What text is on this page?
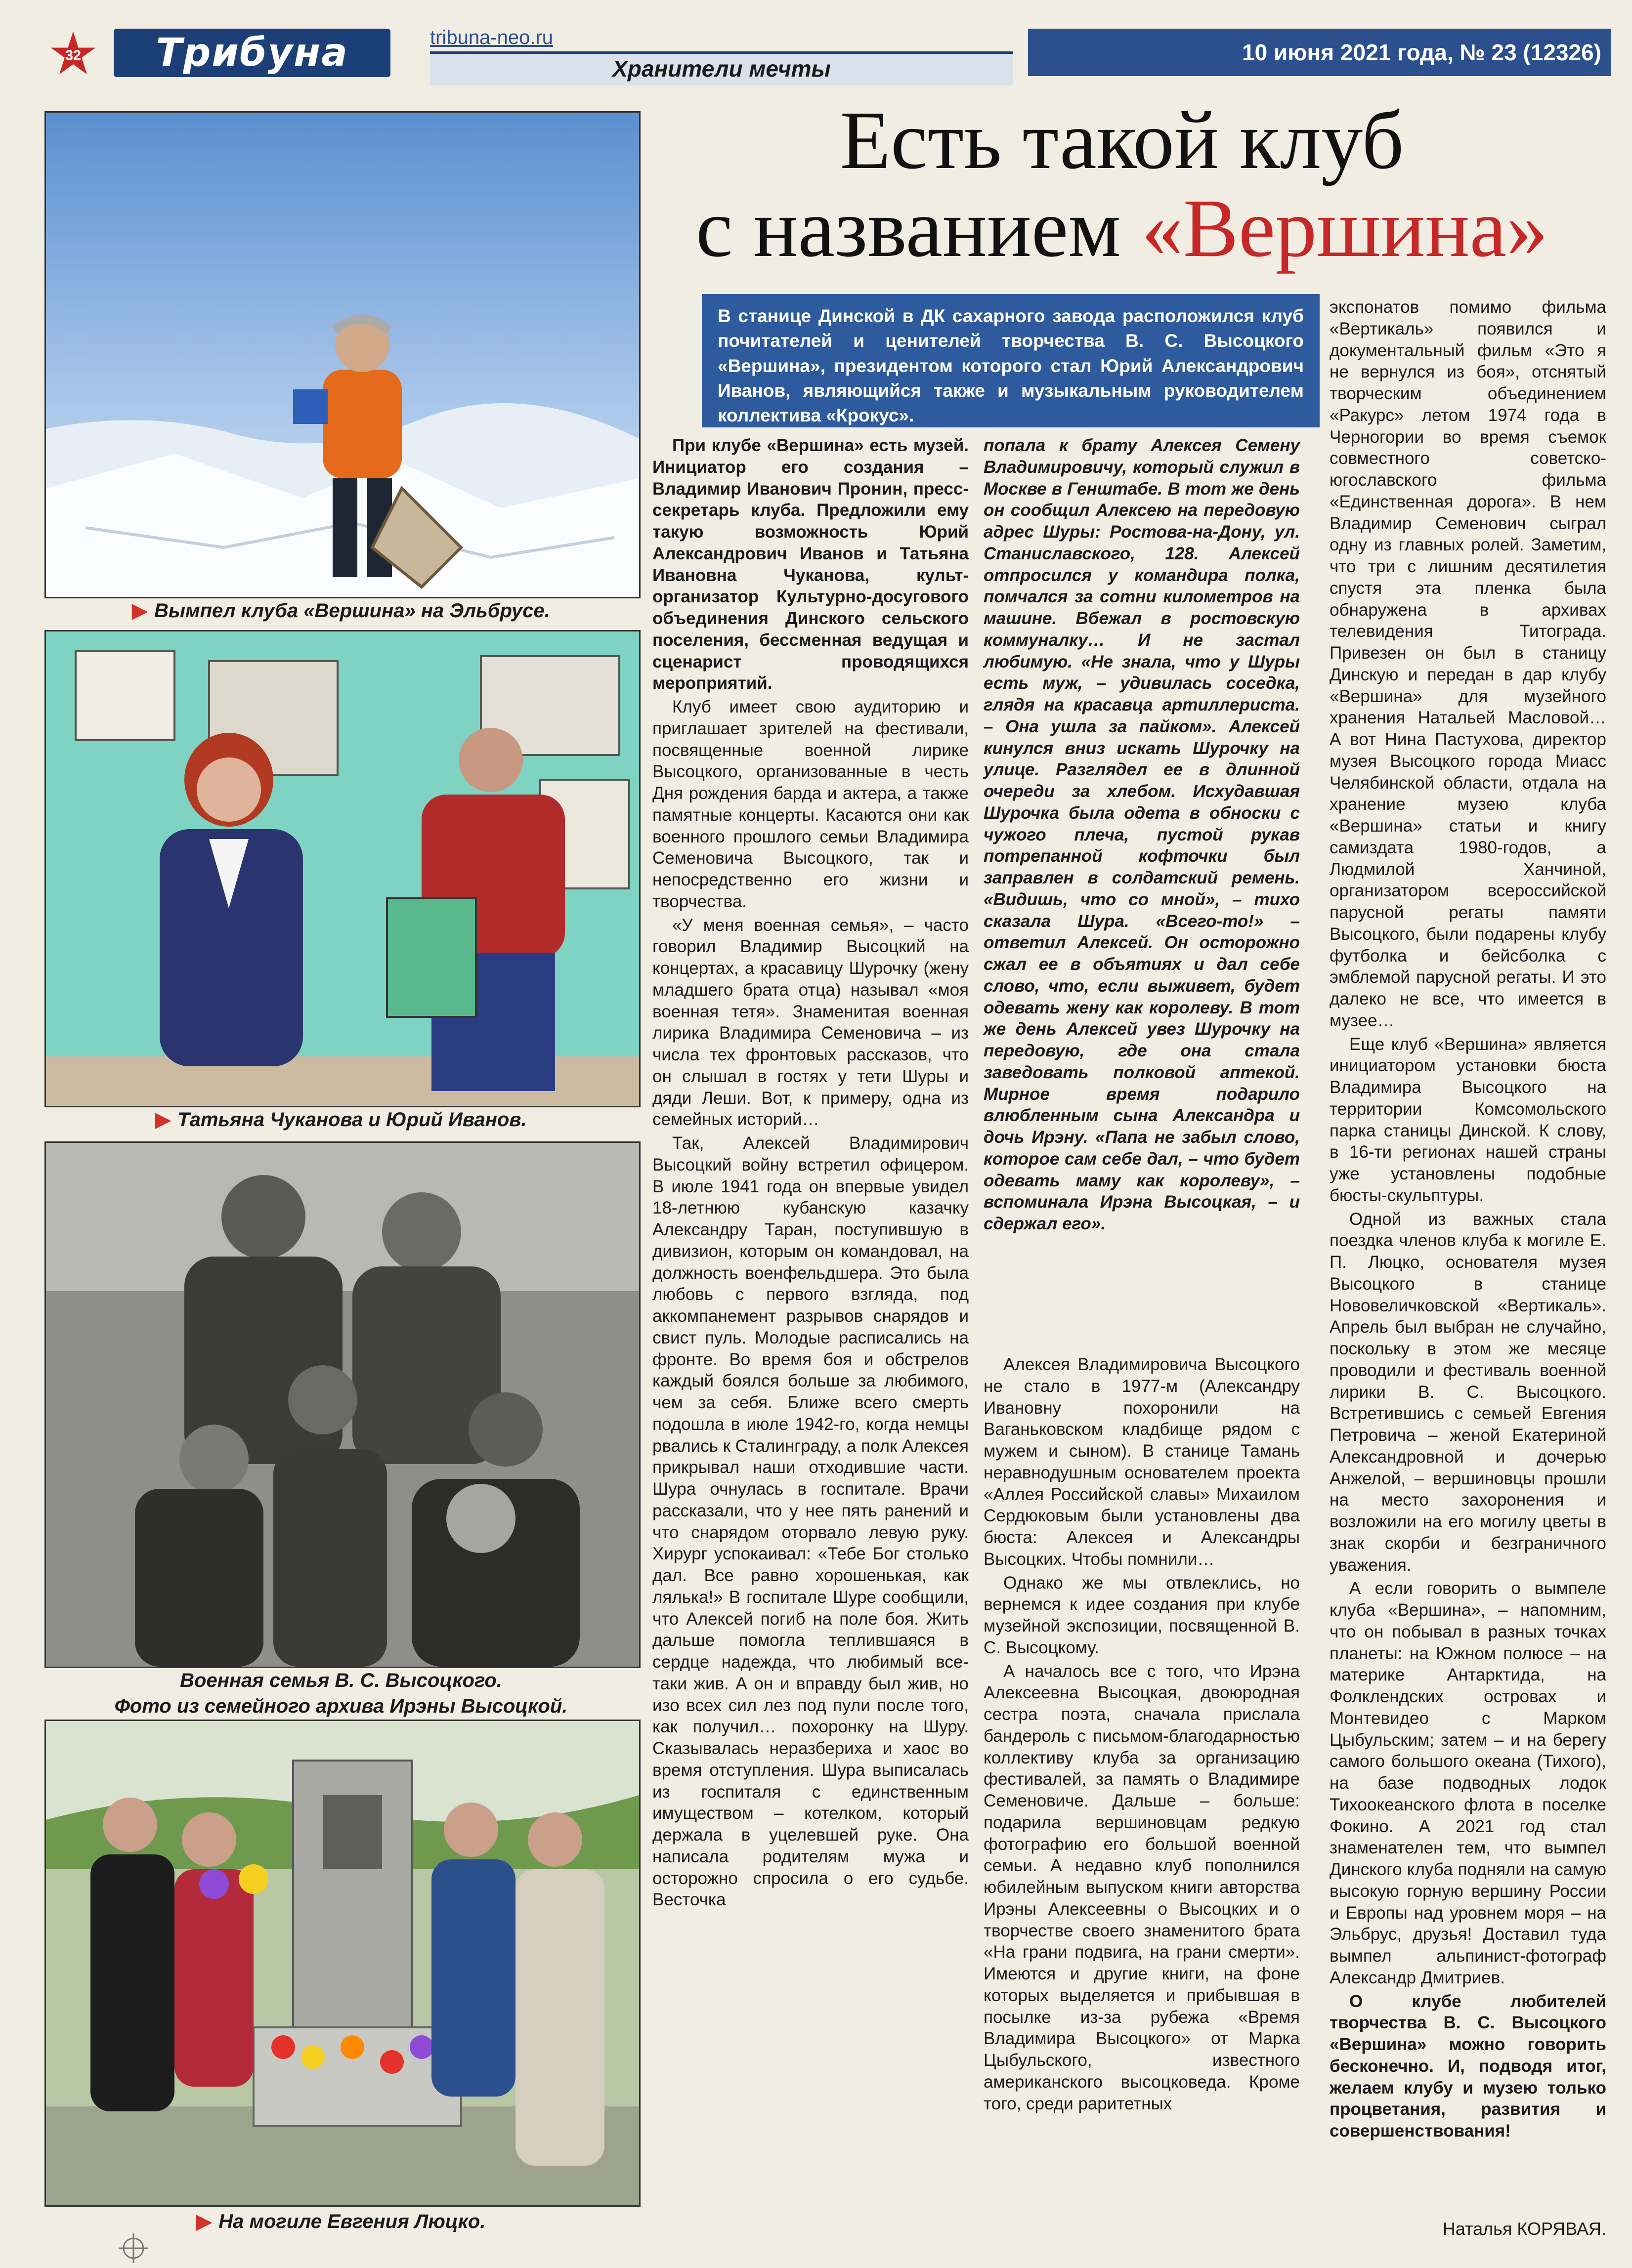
32	Трибуна	tribuna-neo.ru
Хранители мечты
10 июня 2021 года, № 23 (12326)
▶ Вымпел клуба «Вершина» на Эльбрусе.
▶ Татьяна Чуканова и Юрий Иванов.
Военная семья В. С. Высоцкого.
Фото из семейного архива Ирэны Высоцкой.
▶ На могиле Евгения Люцко.
Есть такой клуб
с названием «Вершина»
В станице Динской в ДК сахарного завода расположился клуб почитателей и ценителей творчества В. С. Высоцкого «Вершина», президентом которого стал Юрий Александрович Иванов, являющийся также и музыкальным руководителем коллектива «Крокус».

При клубе «Вершина» есть музей. Инициатор его создания – Владимир Иванович Пронин, пресс-секретарь клуба. Предложили ему такую возможность Юрий Александрович Иванов и Татьяна Ивановна Чуканова, культ-организатор Культурно-досугового объединения Динского сельского поселения, бессменная ведущая и сценарист проводящихся мероприятий.

Клуб имеет свою аудиторию и приглашает зрителей на фестивали, посвященные военной лирике Высоцкого, организованные в честь Дня рождения барда и актера, а также памятные концерты. Касаются они как военного прошлого семьи Владимира Семеновича Высоцкого, так и непосредственно его жизни и творчества.

«У меня военная семья», – часто говорил Владимир Высоцкий на концертах, а красавицу Шурочку (жену младшего брата отца) называл «моя военная тетя». Знаменитая военная лирика Владимира Семеновича – из числа тех фронтовых рассказов, что он слышал в гостях у тети Шуры и дяди Леши. Вот, к примеру, одна из семейных историй…

Так, Алексей Владимирович Высоцкий войну встретил офицером. В июле 1941 года он впервые увидел 18-летнюю кубанскую казачку Александру Таран, поступившую в дивизион, которым он командовал, на должность военфельдшера. Это была любовь с первого взгляда, под аккомпанемент разрывов снарядов и свист пуль. Молодые расписались на фронте. Во время боя и обстрелов каждый боялся больше за любимого, чем за себя. Ближе всего смерть подошла в июле 1942-го, когда немцы рвались к Сталинграду, а полк Алексея прикрывал наши отходившие части. Шура очнулась в госпитале. Врачи рассказали, что у нее пять ранений и что снарядом оторвало левую руку. Хирург успокаивал: «Тебе Бог столько дал. Все равно хорошенькая, как лялька!» В госпитале Шуре сообщили, что Алексей погиб на поле боя. Жить дальше помогла теплившаяся в сердце надежда, что любимый все-таки жив. А он и вправду был жив, но изо всех сил лез под пули после того, как получил… похоронку на Шуру. Сказывалась неразбериха и хаос во время отступления. Шура выписалась из госпиталя с единственным имуществом – котелком, который держала в уцелевшей руке. Она написала родителям мужа и осторожно спросила о его судьбе. Весточка

попала к брату Алексея Семену Владимировичу, который служил в Москве в Генштабе. В тот же день он сообщил Алексею на передовую адрес Шуры: Ростова-на-Дону, ул. Станиславского, 128. Алексей отпросился у командира полка, помчался за сотни километров на машине. Вбежал в ростовскую коммуналку… И не застал любимую. «Не знала, что у Шуры есть муж, – удивилась соседка, глядя на красавца артиллериста. – Она ушла за пайком». Алексей кинулся вниз искать Шурочку на улице. Разглядел ее в длинной очереди за хлебом. Исхудавшая Шурочка была одета в обноски с чужого плеча, пустой рукав потрепанной кофточки был заправлен в солдатский ремень. «Видишь, что со мной», – тихо сказала Шура. «Всего-то!» – ответил Алексей. Он осторожно сжал ее в объятиях и дал себе слово, что, если выживет, будет одевать жену как королеву. В тот же день Алексей увез Шурочку на передовую, где она стала заведовать полковой аптекой. Мирное время подарило влюбленным сына Александра и дочь Ирэну. «Папа не забыл слово, которое сам себе дал, – что будет одевать маму как королеву», – вспоминала Ирэна Высоцкая, – и сдержал его».

Алексея Владимировича Высоцкого не стало в 1977-м (Александру Ивановну похоронили на Ваганьковском кладбище рядом с мужем и сыном). В станице Тамань неравнодушным основателем проекта «Аллея Российской славы» Михаилом Сердюковым были установлены два бюста: Алексея и Александры Высоцких. Чтобы помнили…

Однако же мы отвлеклись, но вернемся к идее создания при клубе музейной экспозиции, посвященной В. С. Высоцкому.

А началось все с того, что Ирэна Алексеевна Высоцкая, двоюродная сестра поэта, сначала прислала бандероль с письмом-благодарностью коллективу клуба за организацию фестивалей, за память о Владимире Семеновиче. Дальше – больше: подарила вершиновцам редкую фотографию его большой военной семьи. А недавно клуб пополнился юбилейным выпуском книги авторства Ирэны Алексеевны о Высоцких и о творчестве своего знаменитого брата «На грани подвига, на грани смерти». Имеются и другие книги, на фоне которых выделяется и прибывшая в посылке из-за рубежа «Время Владимира Высоцкого» от Марка Цыбульского, известного американского высоцковеда. Кроме того, среди раритетных

экспонатов помимо фильма «Вертикаль» появился и документальный фильм «Это я не вернулся из боя», отснятый творческим объединением «Ракурс» летом 1974 года в Черногории во время съемок совместного советско-югославского фильма «Единственная дорога». В нем Владимир Семенович сыграл одну из главных ролей. Заметим, что три с лишним десятилетия спустя эта пленка была обнаружена в архивах телевидения Титограда. Привезен он был в станицу Динскую и передан в дар клубу «Вершина» для музейного хранения Натальей Масловой… А вот Нина Пастухова, директор музея Высоцкого города Миасс Челябинской области, отдала на хранение музею клуба «Вершина» статьи и книгу самиздата 1980-годов, а Людмилой Ханчиной, организатором всероссийской парусной регаты памяти Высоцкого, были подарены клубу футболка и бейсболка с эмблемой парусной регаты. И это далеко не все, что имеется в музее…

Еще клуб «Вершина» является инициатором установки бюста Владимира Высоцкого на территории Комсомольского парка станицы Динской. К слову, в 16-ти регионах нашей страны уже установлены подобные бюсты-скульптуры.

Одной из важных стала поездка членов клуба к могиле Е. П. Люцко, основателя музея Высоцкого в станице Нововеличковской «Вертикаль». Апрель был выбран не случайно, поскольку в этом же месяце проводили и фестиваль военной лирики В. С. Высоцкого. Встретившись с семьей Евгения Петровича – женой Екатериной Александровной и дочерью Анжелой, – вершиновцы прошли на место захоронения и возложили на его могилу цветы в знак скорби и безграничного уважения.

А если говорить о вымпеле клуба «Вершина», – напомним, что он побывал в разных точках планеты: на Южном полюсе – на материке Антарктида, на Фолклендских островах и Монтевидео с Марком Цыбульским; затем – и на берегу самого большого океана (Тихого), на базе подводных лодок Тихоокеанского флота в поселке Фокино. А 2021 год стал знаменателен тем, что вымпел Динского клуба подняли на самую высокую горную вершину России и Европы над уровнем моря – на Эльбрус, друзья! Доставил туда вымпел альпинист-фотограф Александр Дмитриев.

О клубе любителей творчества В. С. Высоцкого «Вершина» можно говорить бесконечно. И, подводя итог, желаем клубу и музею только процветания, развития и совершенствования!

Наталья КОРЯВАЯ.
